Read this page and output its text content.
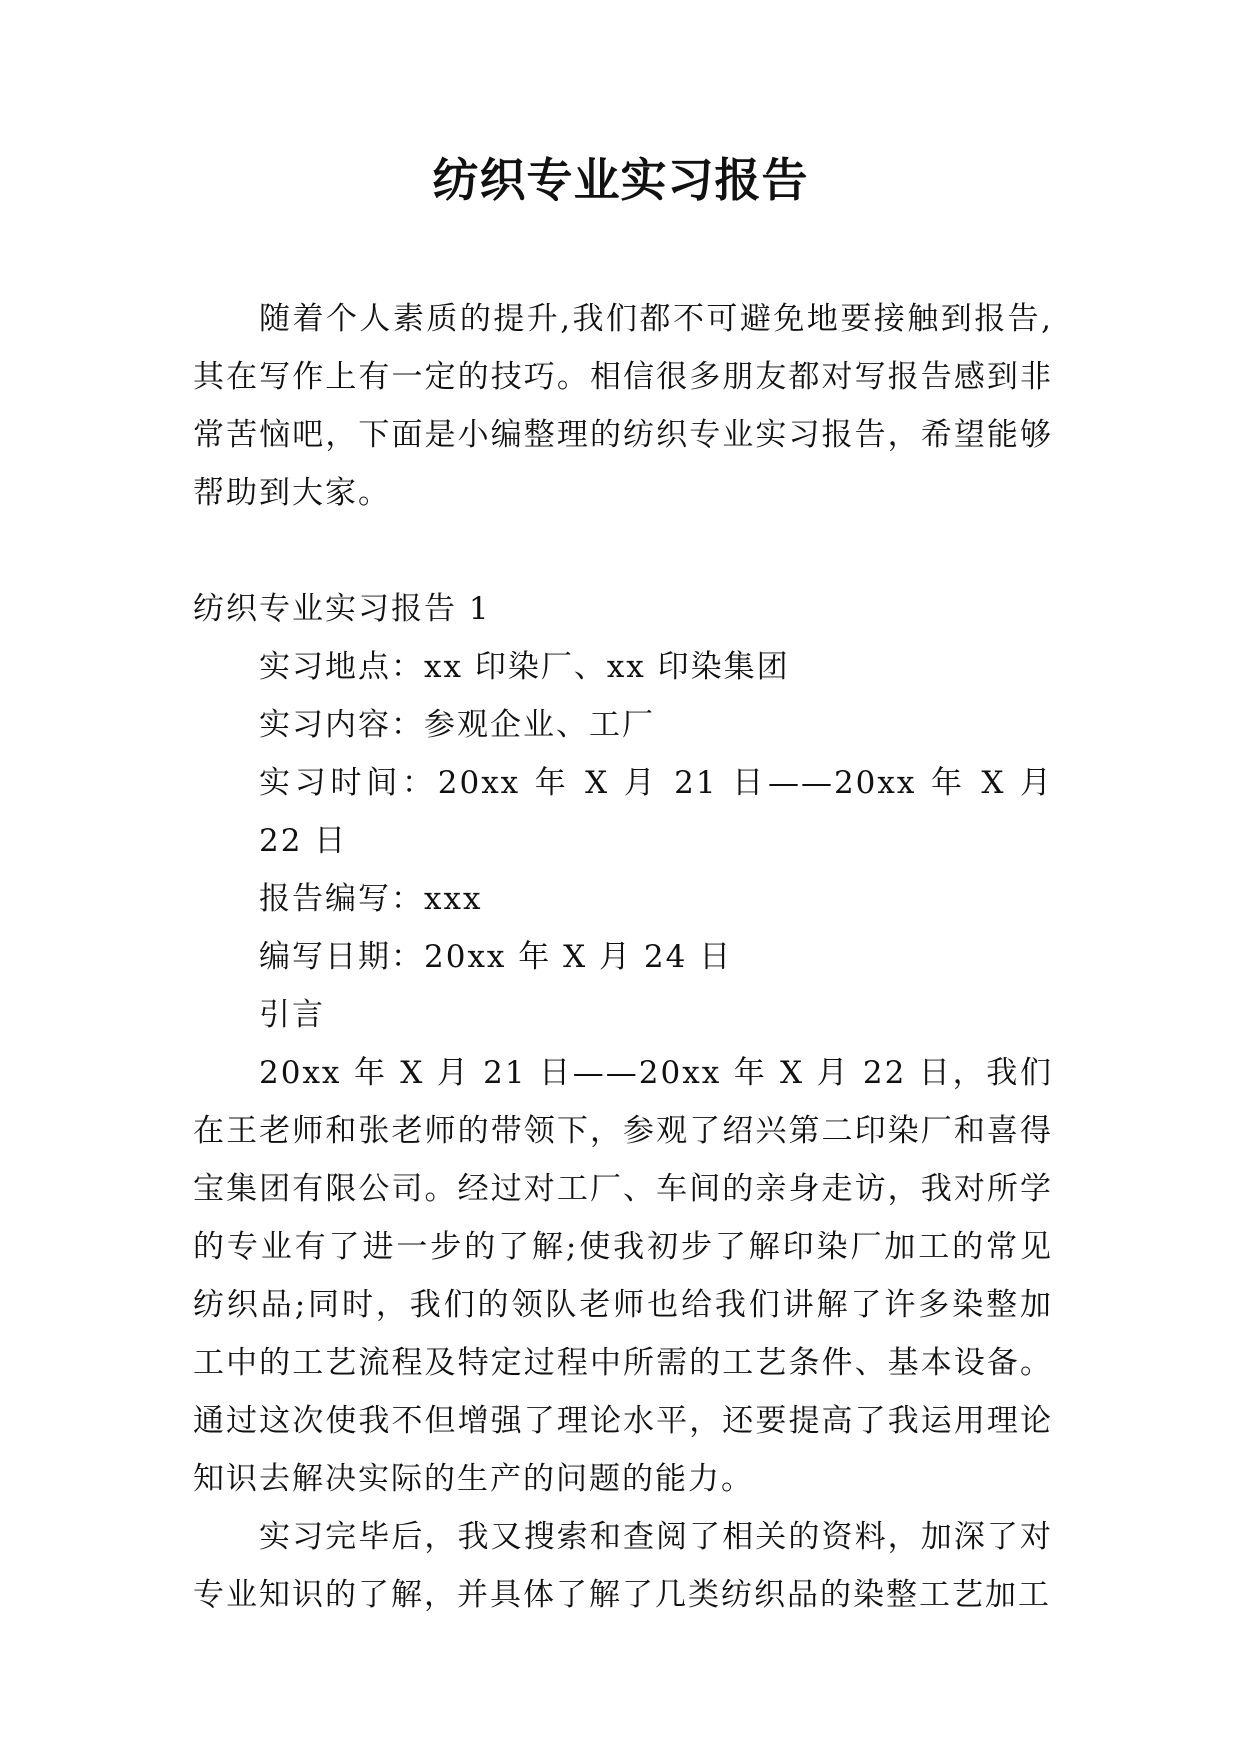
纺织专业实习报告

随着个人素质的提升,我们都不可避免地要接触到报告,其在写作上有一定的技巧。相信很多朋友都对写报告感到非常苦恼吧，下面是小编整理的纺织专业实习报告，希望能够帮助到大家。

纺织专业实习报告 1

实习地点：xx 印染厂、xx 印染集团

实习内容：参观企业、工厂

实习时间：20xx 年 X 月 21 日——20xx 年 X 月 22 日

报告编写：xxx

编写日期：20xx 年 X 月 24 日

引言

20xx 年 X 月 21 日——20xx 年 X 月 22 日，我们在王老师和张老师的带领下，参观了绍兴第二印染厂和喜得宝集团有限公司。经过对工厂、车间的亲身走访，我对所学的专业有了进一步的了解;使我初步了解印染厂加工的常见纺织品;同时，我们的领队老师也给我们讲解了许多染整加工中的工艺流程及特定过程中所需的工艺条件、基本设备。通过这次使我不但增强了理论水平，还要提高了我运用理论知识去解决实际的生产的问题的能力。

实习完毕后，我又搜索和查阅了相关的资料，加深了对专业知识的了解，并具体了解了几类纺织品的染整工艺加工
